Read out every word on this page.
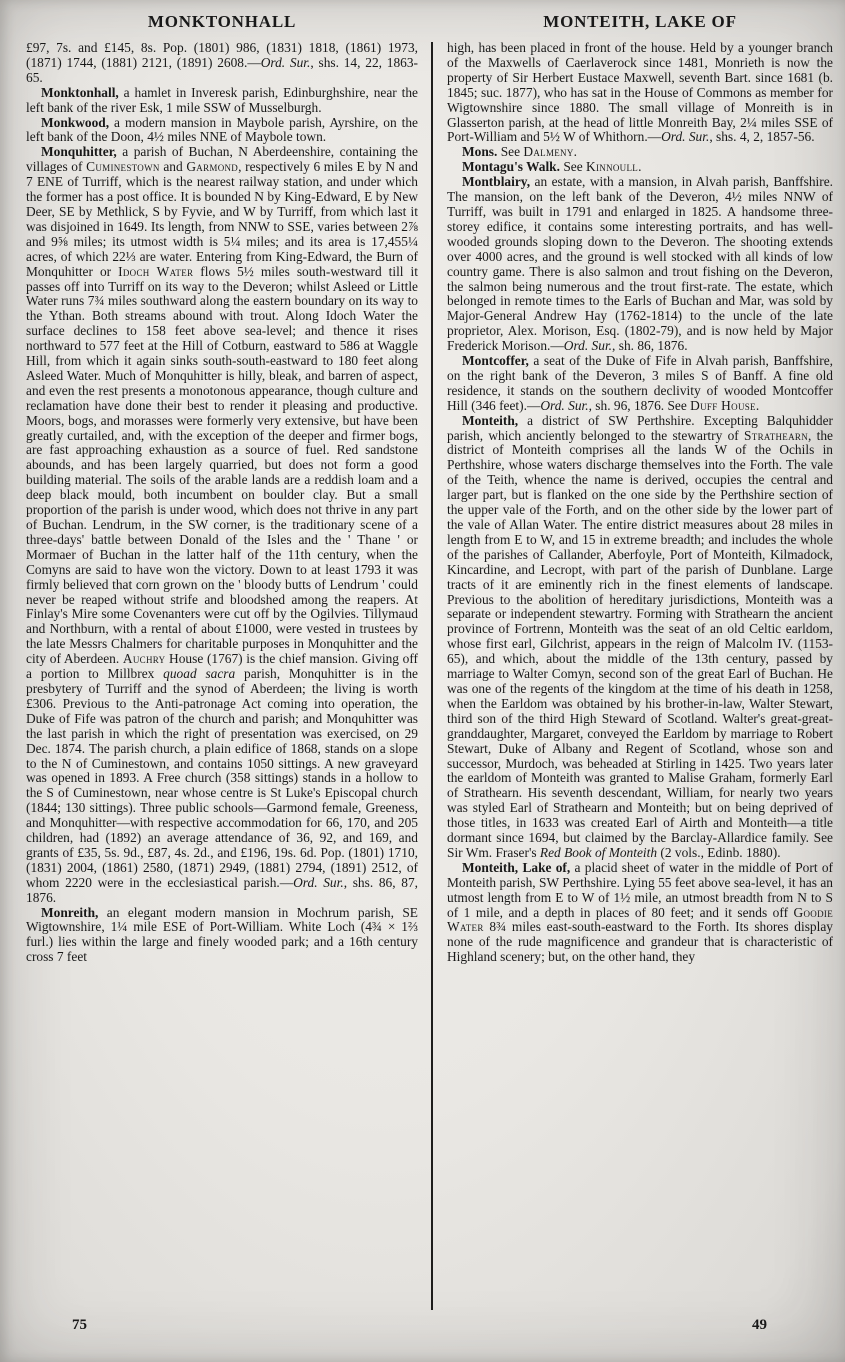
MONKTONHALL	MONTEITH, LAKE OF

£97, 7s. and £145, 8s. Pop. (1801) 986, (1831) 1818, (1861) 1973, (1871) 1744, (1881) 2121, (1891) 2608.—Ord. Sur., shs. 14, 22, 1863-65.

Monktonhall, a hamlet in Inveresk parish, Edinburghshire, near the left bank of the river Esk, 1 mile SSW of Musselburgh.

Monkwood, a modern mansion in Maybole parish, Ayrshire, on the left bank of the Doon, 4½ miles NNE of Maybole town.

Monquhitter, a parish of Buchan, N Aberdeenshire, containing the villages of Cuminestown and Garmond, respectively 6 miles E by N and 7 ENE of Turriff, which is the nearest railway station, and under which the former has a post office. It is bounded N by King-Edward, E by New Deer, SE by Methlick, S by Fyvie, and W by Turriff, from which last it was disjoined in 1649. Its length, from NNW to SSE, varies between 2⅞ and 9⅝ miles; its utmost width is 5¼ miles; and its area is 17,455¼ acres, of which 22⅓ are water. Entering from King-Edward, the Burn of Monquhitter or Idoch Water flows 5½ miles south-westward till it passes off into Turriff on its way to the Deveron; whilst Asleed or Little Water runs 7¾ miles southward along the eastern boundary on its way to the Ythan. Both streams abound with trout. Along Idoch Water the surface declines to 158 feet above sea-level; and thence it rises northward to 577 feet at the Hill of Cotburn, eastward to 586 at Waggle Hill, from which it again sinks south-south-eastward to 180 feet along Asleed Water. Much of Monquhitter is hilly, bleak, and barren of aspect, and even the rest presents a monotonous appearance, though culture and reclamation have done their best to render it pleasing and productive. Moors, bogs, and morasses were formerly very extensive, but have been greatly curtailed, and, with the exception of the deeper and firmer bogs, are fast approaching exhaustion as a source of fuel. Red sandstone abounds, and has been largely quarried, but does not form a good building material. The soils of the arable lands are a reddish loam and a deep black mould, both incumbent on boulder clay. But a small proportion of the parish is under wood, which does not thrive in any part of Buchan. Lendrum, in the SW corner, is the traditionary scene of a three-days' battle between Donald of the Isles and the ' Thane ' or Mormaer of Buchan in the latter half of the 11th century, when the Comyns are said to have won the victory. Down to at least 1793 it was firmly believed that corn grown on the ' bloody butts of Lendrum ' could never be reaped without strife and bloodshed among the reapers. At Finlay's Mire some Covenanters were cut off by the Ogilvies. Tillymaud and Northburn, with a rental of about £1000, were vested in trustees by the late Messrs Chalmers for charitable purposes in Monquhitter and the city of Aberdeen. Auchry House (1767) is the chief mansion. Giving off a portion to Millbrex quoad sacra parish, Monquhitter is in the presbytery of Turriff and the synod of Aberdeen; the living is worth £306. Previous to the Anti-patronage Act coming into operation, the Duke of Fife was patron of the church and parish; and Monquhitter was the last parish in which the right of presentation was exercised, on 29 Dec. 1874. The parish church, a plain edifice of 1868, stands on a slope to the N of Cuminestown, and contains 1050 sittings. A new graveyard was opened in 1893. A Free church (358 sittings) stands in a hollow to the S of Cuminestown, near whose centre is St Luke's Episcopal church (1844; 130 sittings). Three public schools—Garmond female, Greeness, and Monquhitter—with respective accommodation for 66, 170, and 205 children, had (1892) an average attendance of 36, 92, and 169, and grants of £35, 5s. 9d., £87, 4s. 2d., and £196, 19s. 6d. Pop. (1801) 1710, (1831) 2004, (1861) 2580, (1871) 2949, (1881) 2794, (1891) 2512, of whom 2220 were in the ecclesiastical parish.—Ord. Sur., shs. 86, 87, 1876.

Monreith, an elegant modern mansion in Mochrum parish, SE Wigtownshire, 1¼ mile ESE of Port-William. White Loch (4¾ × 1⅔ furl.) lies within the large and finely wooded park; and a 16th century cross 7 feet

high, has been placed in front of the house. Held by a younger branch of the Maxwells of Caerlaverock since 1481, Monrieth is now the property of Sir Herbert Eustace Maxwell, seventh Bart. since 1681 (b. 1845; suc. 1877), who has sat in the House of Commons as member for Wigtownshire since 1880. The small village of Monreith is in Glasserton parish, at the head of little Monreith Bay, 2¼ miles SSE of Port-William and 5½ W of Whithorn.—Ord. Sur., shs. 4, 2, 1857-56.

Mons. See Dalmeny.

Montagu's Walk. See Kinnoull.

Montblairy, an estate, with a mansion, in Alvah parish, Banffshire. The mansion, on the left bank of the Deveron, 4½ miles NNW of Turriff, was built in 1791 and enlarged in 1825. A handsome three-storey edifice, it contains some interesting portraits, and has well-wooded grounds sloping down to the Deveron. The shooting extends over 4000 acres, and the ground is well stocked with all kinds of low country game. There is also salmon and trout fishing on the Deveron, the salmon being numerous and the trout first-rate. The estate, which belonged in remote times to the Earls of Buchan and Mar, was sold by Major-General Andrew Hay (1762-1814) to the uncle of the late proprietor, Alex. Morison, Esq. (1802-79), and is now held by Major Frederick Morison.—Ord. Sur., sh. 86, 1876.

Montcoffer, a seat of the Duke of Fife in Alvah parish, Banffshire, on the right bank of the Deveron, 3 miles S of Banff. A fine old residence, it stands on the southern declivity of wooded Montcoffer Hill (346 feet).—Ord. Sur., sh. 96, 1876. See Duff House.

Monteith, a district of SW Perthshire. Excepting Balquhidder parish, which anciently belonged to the stewartry of Strathearn, the district of Monteith comprises all the lands W of the Ochils in Perthshire, whose waters discharge themselves into the Forth. The vale of the Teith, whence the name is derived, occupies the central and larger part, but is flanked on the one side by the Perthshire section of the upper vale of the Forth, and on the other side by the lower part of the vale of Allan Water. The entire district measures about 28 miles in length from E to W, and 15 in extreme breadth; and includes the whole of the parishes of Callander, Aberfoyle, Port of Monteith, Kilmadock, Kincardine, and Lecropt, with part of the parish of Dunblane. Large tracts of it are eminently rich in the finest elements of landscape. Previous to the abolition of hereditary jurisdictions, Monteith was a separate or independent stewartry. Forming with Strathearn the ancient province of Fortrenn, Monteith was the seat of an old Celtic earldom, whose first earl, Gilchrist, appears in the reign of Malcolm IV. (1153-65), and which, about the middle of the 13th century, passed by marriage to Walter Comyn, second son of the great Earl of Buchan. He was one of the regents of the kingdom at the time of his death in 1258, when the Earldom was obtained by his brother-in-law, Walter Stewart, third son of the third High Steward of Scotland. Walter's great-great-granddaughter, Margaret, conveyed the Earldom by marriage to Robert Stewart, Duke of Albany and Regent of Scotland, whose son and successor, Murdoch, was beheaded at Stirling in 1425. Two years later the earldom of Monteith was granted to Malise Graham, formerly Earl of Strathearn. His seventh descendant, William, for nearly two years was styled Earl of Strathearn and Monteith; but on being deprived of those titles, in 1633 was created Earl of Airth and Monteith—a title dormant since 1694, but claimed by the Barclay-Allardice family. See Sir Wm. Fraser's Red Book of Monteith (2 vols., Edinb. 1880).

Monteith, Lake of, a placid sheet of water in the middle of Port of Monteith parish, SW Perthshire. Lying 55 feet above sea-level, it has an utmost length from E to W of 1½ mile, an utmost breadth from N to S of 1 mile, and a depth in places of 80 feet; and it sends off Goodie Water 8¾ miles east-south-eastward to the Forth. Its shores display none of the rude magnificence and grandeur that is characteristic of Highland scenery; but, on the other hand, they

75	49
